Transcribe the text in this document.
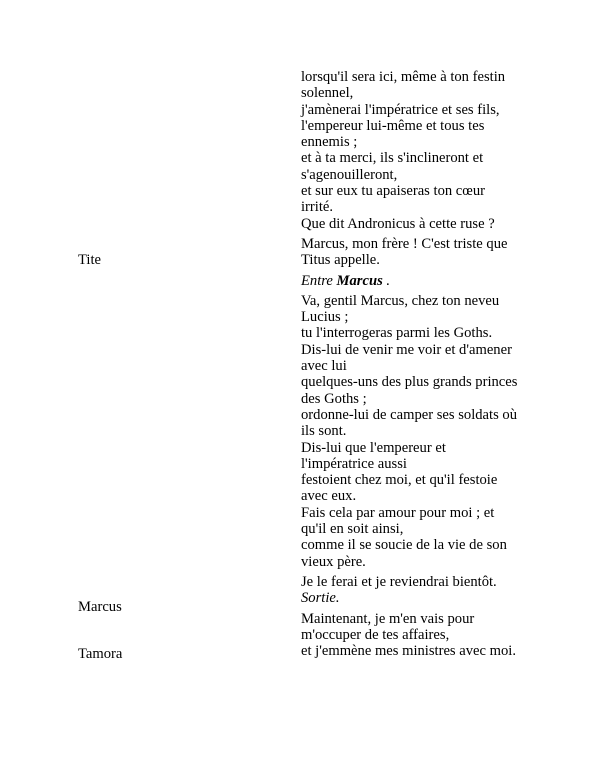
Tite
Marcus
Tamora
lorsqu'il sera ici, même à ton festin
solennel,
j'amènerai l'impératrice et ses fils,
l'empereur lui-même et tous tes
ennemis ;
et à ta merci, ils s'inclineront et
s'agenouilleront,
et sur eux tu apaiseras ton cœur
irrité.
Que dit Andronicus à cette ruse ?
Marcus, mon frère ! C'est triste que
Titus appelle.
Entre Marcus .
Va, gentil Marcus, chez ton neveu
Lucius ;
tu l'interrogeras parmi les Goths.
Dis-lui de venir me voir et d'amener
avec lui
quelques-uns des plus grands princes
des Goths ;
ordonne-lui de camper ses soldats où
ils sont.
Dis-lui que l'empereur et
l'impératrice aussi
festoient chez moi, et qu'il festoie
avec eux.
Fais cela par amour pour moi ; et
qu'il en soit ainsi,
comme il se soucie de la vie de son
vieux père.
Je le ferai et je reviendrai bientôt.
Sortie.
Maintenant, je m'en vais pour
m'occuper de tes affaires,
et j'emmène mes ministres avec moi.
